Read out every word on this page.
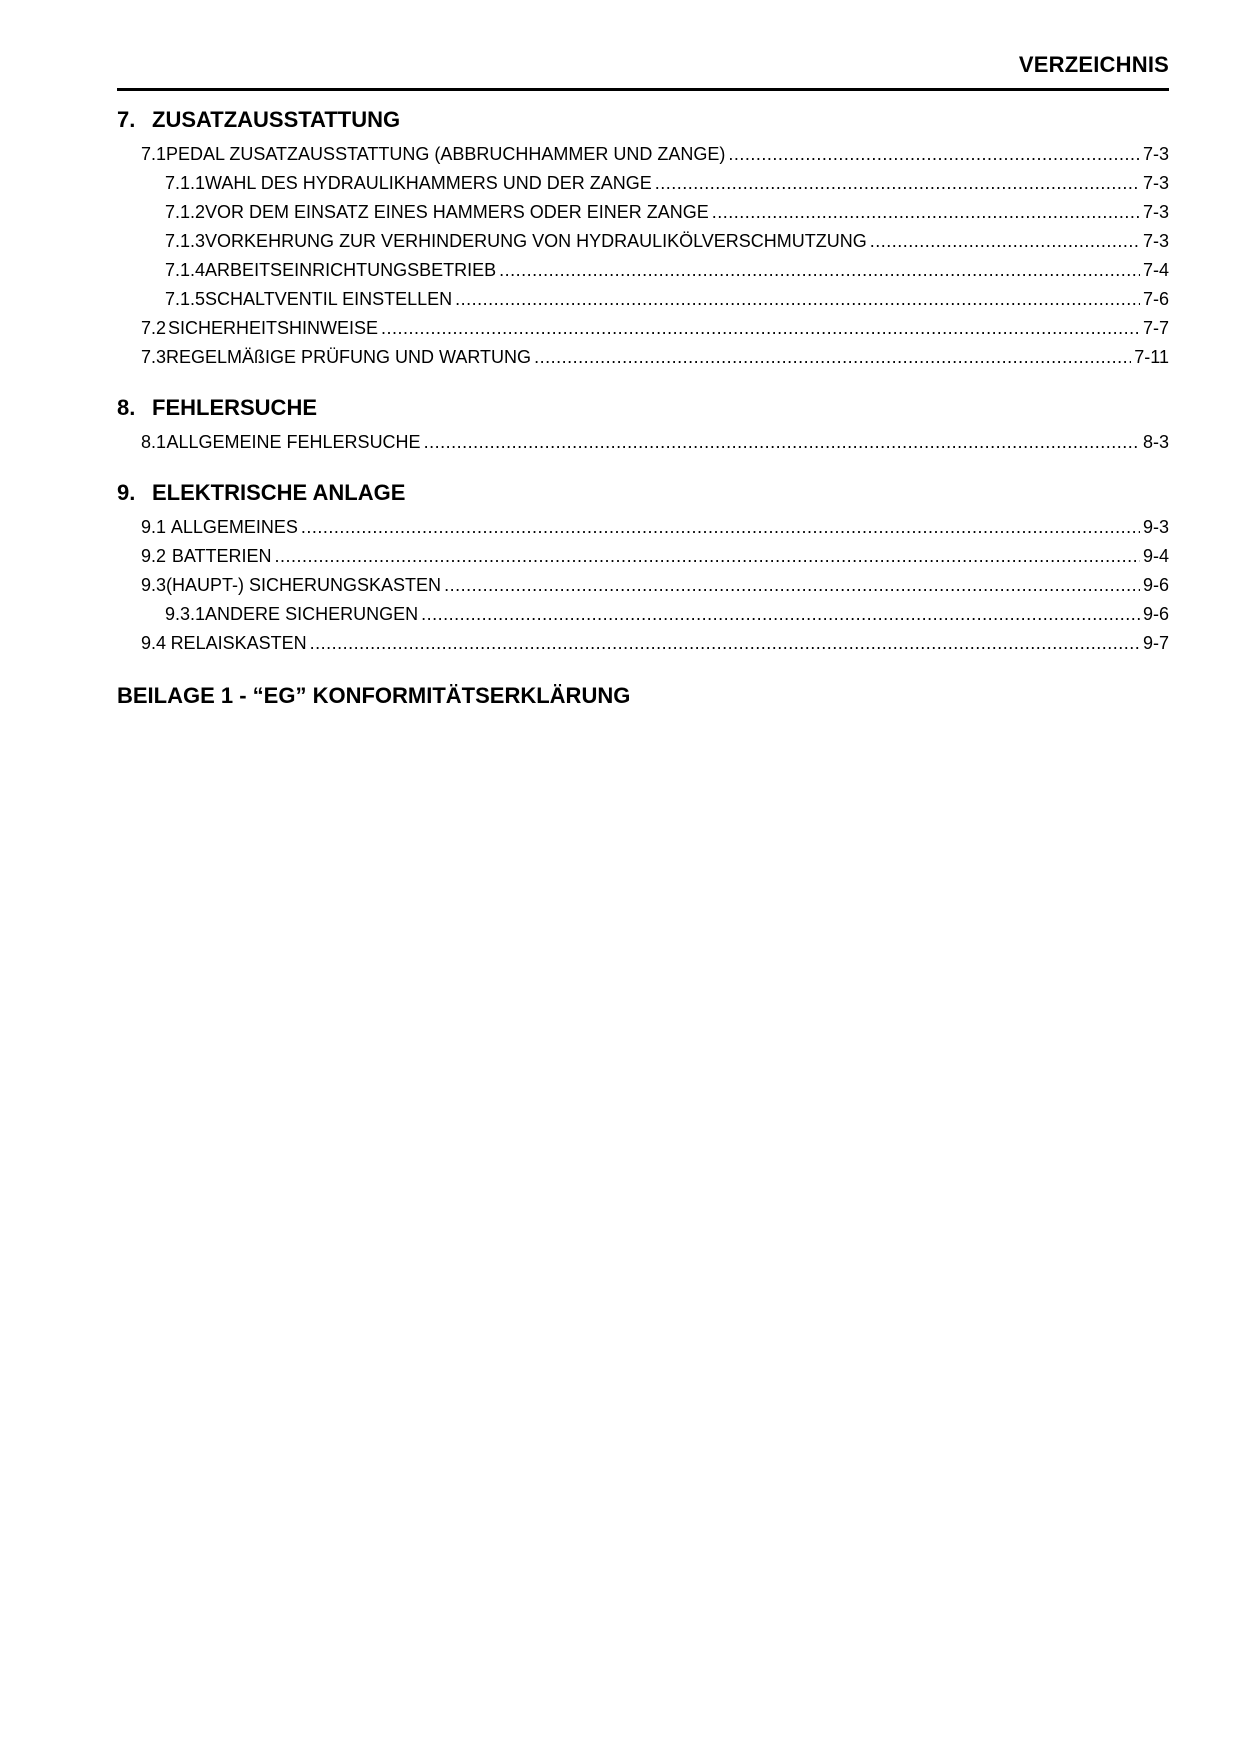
VERZEICHNIS
7. ZUSATZAUSSTATTUNG
7.1 PEDAL ZUSATZAUSSTATTUNG (ABBRUCHHAMMER UND ZANGE) .....	7-3
7.1.1 WAHL DES HYDRAULIKHAMMERS UND DER ZANGE .....	7-3
7.1.2 VOR DEM EINSATZ EINES HAMMERS ODER EINER ZANGE .....	7-3
7.1.3 VORKEHRUNG ZUR VERHINDERUNG VON HYDRAULIKÖLVERSCHMUTZUNG .....	7-3
7.1.4 ARBEITSEINRICHTUNGSBETRIEB .....	7-4
7.1.5 SCHALTVENTIL EINSTELLEN .....	7-6
7.2 SICHERHEITSHINWEISE .....	7-7
7.3 REGELMÄßIGE PRÜFUNG UND WARTUNG .....	7-11
8. FEHLERSUCHE
8.1 ALLGEMEINE FEHLERSUCHE .....	8-3
9. ELEKTRISCHE ANLAGE
9.1 ALLGEMEINES .....	9-3
9.2 BATTERIEN .....	9-4
9.3 (HAUPT-) SICHERUNGSKASTEN .....	9-6
9.3.1 ANDERE SICHERUNGEN .....	9-6
9.4 RELAISKASTEN .....	9-7
BEILAGE 1 - “EG” KONFORMITÄTSERKLÄRUNG
